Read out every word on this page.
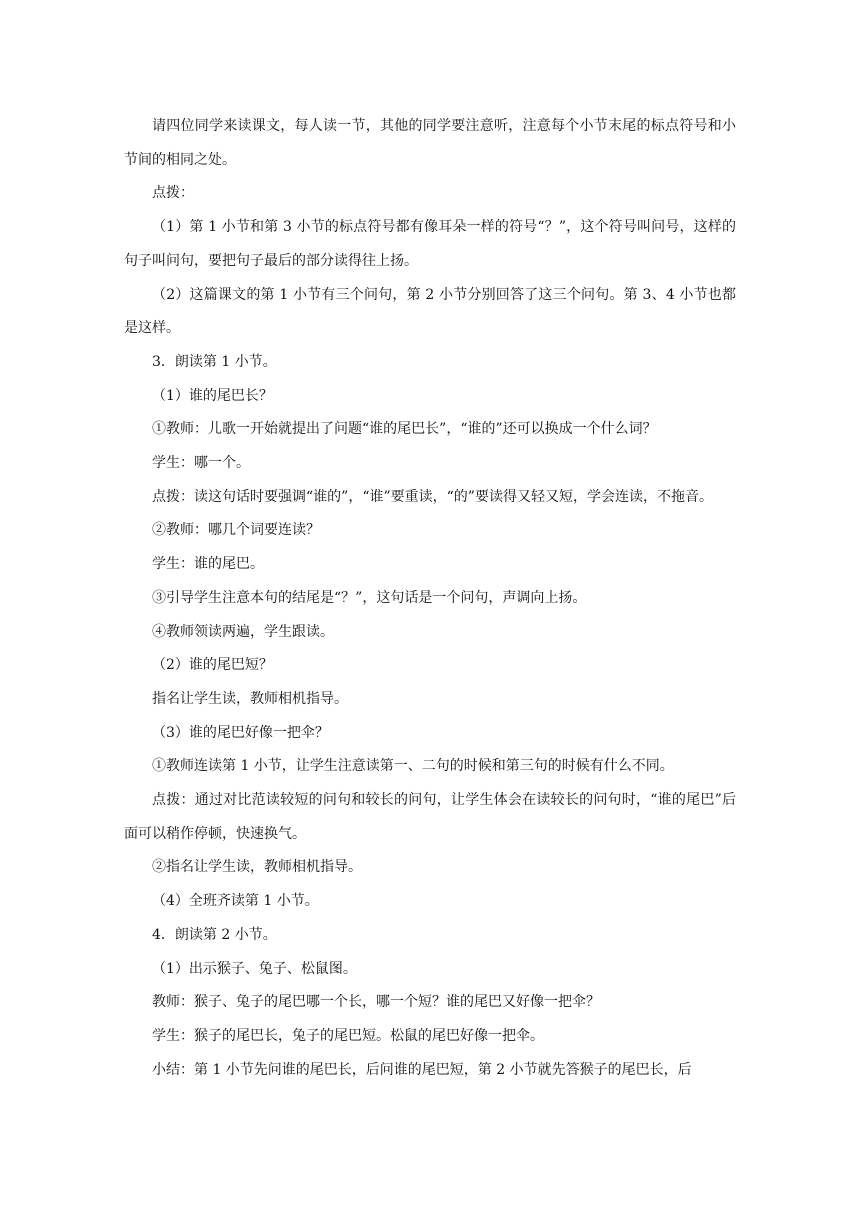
请四位同学来读课文，每人读一节，其他的同学要注意听，注意每个小节末尾的标点符号和小节间的相同之处。

点拨：

（1）第 1 小节和第 3 小节的标点符号都有像耳朵一样的符号“？”，这个符号叫问号，这样的句子叫问句，要把句子最后的部分读得往上扬。

（2）这篇课文的第 1 小节有三个问句，第 2 小节分别回答了这三个问句。第 3、4 小节也都是这样。

3．朗读第 1 小节。

（1）谁的尾巴长？

①教师：儿歌一开始就提出了问题“谁的尾巴长”，“谁的”还可以换成一个什么词？

学生：哪一个。

点拨：读这句话时要强调“谁的”，“谁”要重读，“的”要读得又轻又短，学会连读，不拖音。

②教师：哪几个词要连读？

学生：谁的尾巴。

③引导学生注意本句的结尾是“？”，这句话是一个问句，声调向上扬。

④教师领读两遍，学生跟读。

（2）谁的尾巴短？

指名让学生读，教师相机指导。

（3）谁的尾巴好像一把伞？

①教师连读第 1 小节，让学生注意读第一、二句的时候和第三句的时候有什么不同。

点拨：通过对比范读较短的问句和较长的问句，让学生体会在读较长的问句时，“谁的尾巴”后面可以稍作停顿，快速换气。

②指名让学生读，教师相机指导。

（4）全班齐读第 1 小节。

4．朗读第 2 小节。

（1）出示猴子、兔子、松鼠图。

教师：猴子、兔子的尾巴哪一个长，哪一个短？谁的尾巴又好像一把伞？

学生：猴子的尾巴长，兔子的尾巴短。松鼠的尾巴好像一把伞。

小结：第 1 小节先问谁的尾巴长，后问谁的尾巴短，第 2 小节就先答猴子的尾巴长，后
